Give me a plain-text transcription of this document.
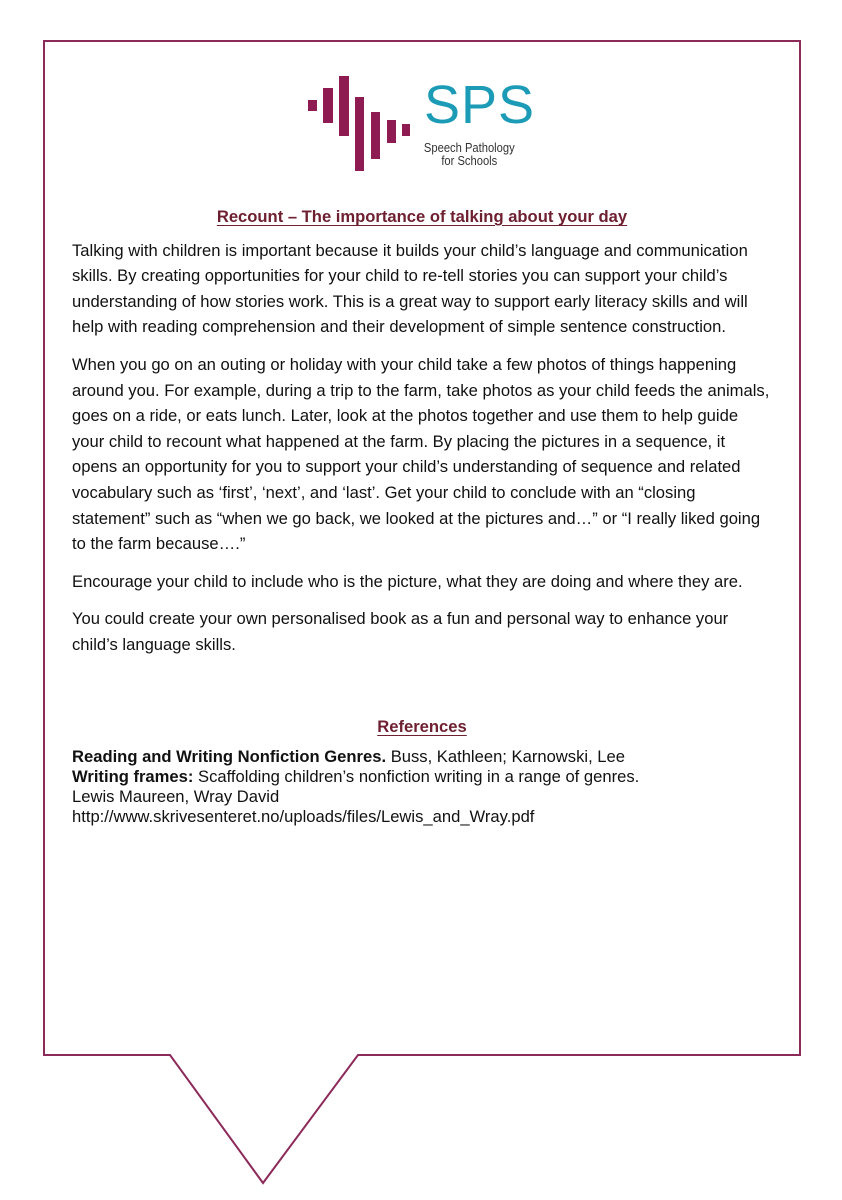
SPS
Speech Pathology
for Schools
Recount – The importance of talking about your day

Talking with children is important because it builds your child’s language and communication skills. By creating opportunities for your child to re-tell stories you can support your child’s understanding of how stories work. This is a great way to support early literacy skills and will help with reading comprehension and their development of simple sentence construction.

When you go on an outing or holiday with your child take a few photos of things happening around you. For example, during a trip to the farm, take photos as your child feeds the animals, goes on a ride, or eats lunch. Later, look at the photos together and use them to help guide your child to recount what happened at the farm. By placing the pictures in a sequence, it opens an opportunity for you to support your child’s understanding of sequence and related vocabulary such as ‘first’, ‘next’, and ‘last’. Get your child to conclude with an “closing statement” such as “when we go back, we looked at the pictures and…” or “I really liked going to the farm because….”

Encourage your child to include who is the picture, what they are doing and where they are.

You could create your own personalised book as a fun and personal way to enhance your child’s language skills.

References
Reading and Writing Nonfiction Genres. Buss, Kathleen; Karnowski, Lee
Writing frames: Scaffolding children’s nonfiction writing in a range of genres.
Lewis Maureen, Wray David
http://www.skrivesenteret.no/uploads/files/Lewis_and_Wray.pdf
